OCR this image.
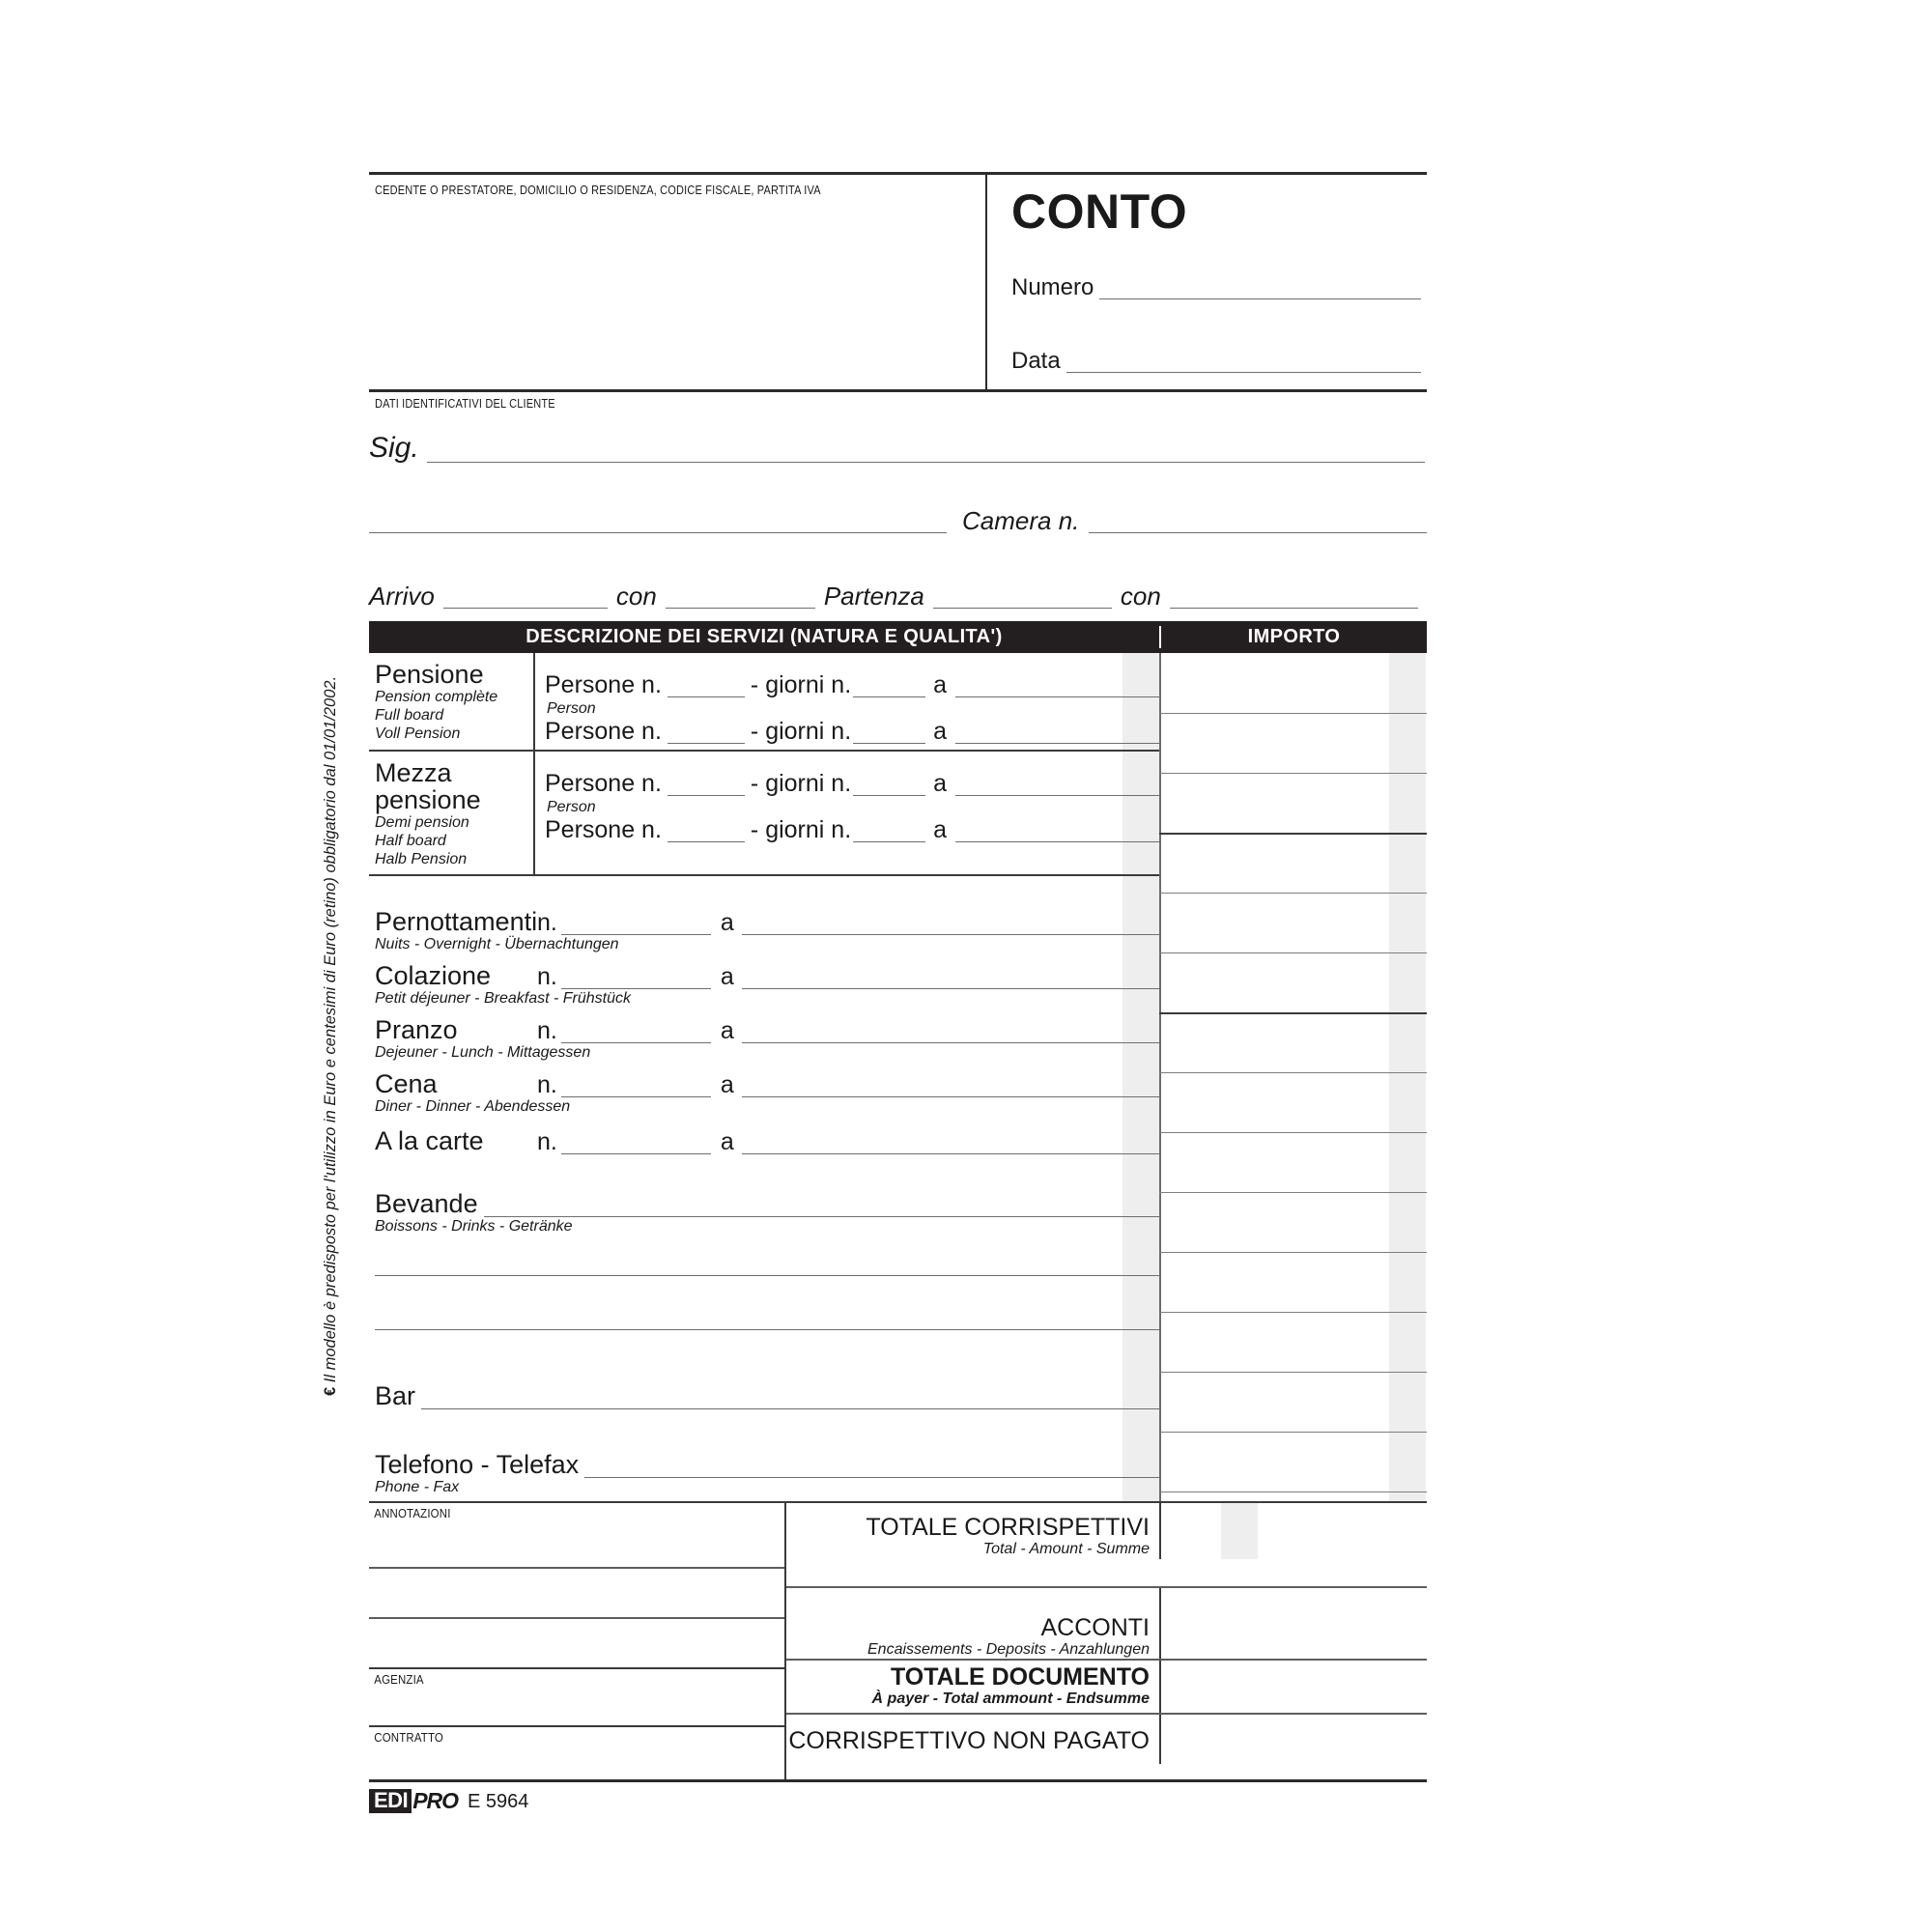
€ Il modello è predisposto per l'utilizzo in Euro e centesimi di Euro (retino) obbligatorio dal 01/01/2002.
CEDENTE O PRESTATORE, DOMICILIO O RESIDENZA, CODICE FISCALE, PARTITA IVA	CONTO
Numero
Data
DATI IDENTIFICATIVI DEL CLIENTE
Sig.
Camera n.
Arrivo	con	Partenza	con
DESCRIZIONE DEI SERVIZI (NATURA E QUALITA')	IMPORTO
Pensione
Pension complète
Full board
Voll Pension
Persone n.	- giorni n.	a
Person
Persone n.	- giorni n.	a
Mezza pensione
Demi pension
Half board
Halb Pension
Persone n.	- giorni n.	a
Person
Persone n.	- giorni n.	a
Pernottamenti n.	a
Nuits - Overnight - Übernachtungen
Colazione	n.	a
Petit déjeuner - Breakfast - Frühstück
Pranzo	n.	a
Dejeuner - Lunch - Mittagessen
Cena	n.	a
Diner - Dinner - Abendessen
A la carte	n.	a
Bevande
Boissons - Drinks - Getränke
Bar
Telefono - Telefax
Phone - Fax
ANNOTAZIONI
AGENZIA
CONTRATTO
TOTALE CORRISPETTIVI
Total - Amount - Summe
ACCONTI
Encaissements - Deposits - Anzahlungen
TOTALE DOCUMENTO
À payer - Total ammount - Endsumme
CORRISPETTIVO NON PAGATO
EDI PRO E 5964
